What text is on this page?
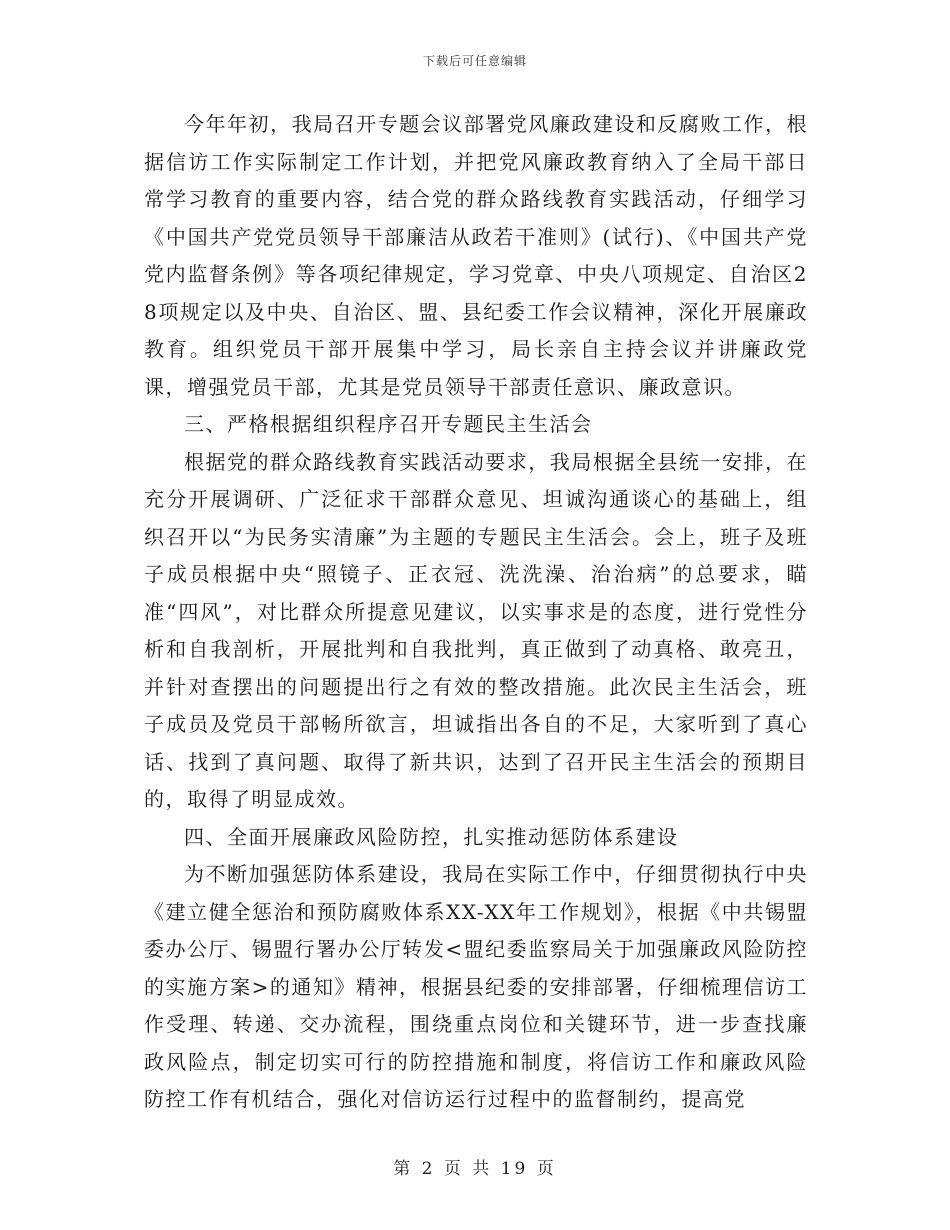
下载后可任意编辑

今年年初，我局召开专题会议部署党风廉政建设和反腐败工作，根据信访工作实际制定工作计划，并把党风廉政教育纳入了全局干部日常学习教育的重要内容，结合党的群众路线教育实践活动，仔细学习《中国共产党党员领导干部廉洁从政若干准则》(试行)、《中国共产党党内监督条例》等各项纪律规定，学习党章、中央八项规定、自治区28项规定以及中央、自治区、盟、县纪委工作会议精神，深化开展廉政教育。组织党员干部开展集中学习，局长亲自主持会议并讲廉政党课，增强党员干部，尤其是党员领导干部责任意识、廉政意识。

三、严格根据组织程序召开专题民主生活会

根据党的群众路线教育实践活动要求，我局根据全县统一安排，在充分开展调研、广泛征求干部群众意见、坦诚沟通谈心的基础上，组织召开以“为民务实清廉”为主题的专题民主生活会。会上，班子及班子成员根据中央“照镜子、正衣冠、洗洗澡、治治病”的总要求，瞄准“四风”，对比群众所提意见建议，以实事求是的态度，进行党性分析和自我剖析，开展批判和自我批判，真正做到了动真格、敢亮丑，并针对查摆出的问题提出行之有效的整改措施。此次民主生活会，班子成员及党员干部畅所欲言，坦诚指出各自的不足，大家听到了真心话、找到了真问题、取得了新共识，达到了召开民主生活会的预期目的，取得了明显成效。

四、全面开展廉政风险防控，扎实推动惩防体系建设

为不断加强惩防体系建设，我局在实际工作中，仔细贯彻执行中央《建立健全惩治和预防腐败体系XX-XX年工作规划》，根据《中共锡盟委办公厅、锡盟行署办公厅转发<盟纪委监察局关于加强廉政风险防控的实施方案>的通知》精神，根据县纪委的安排部署，仔细梳理信访工作受理、转递、交办流程，围绕重点岗位和关键环节，进一步查找廉政风险点，制定切实可行的防控措施和制度，将信访工作和廉政风险防控工作有机结合，强化对信访运行过程中的监督制约，提高党

第 2 页 共 19 页
